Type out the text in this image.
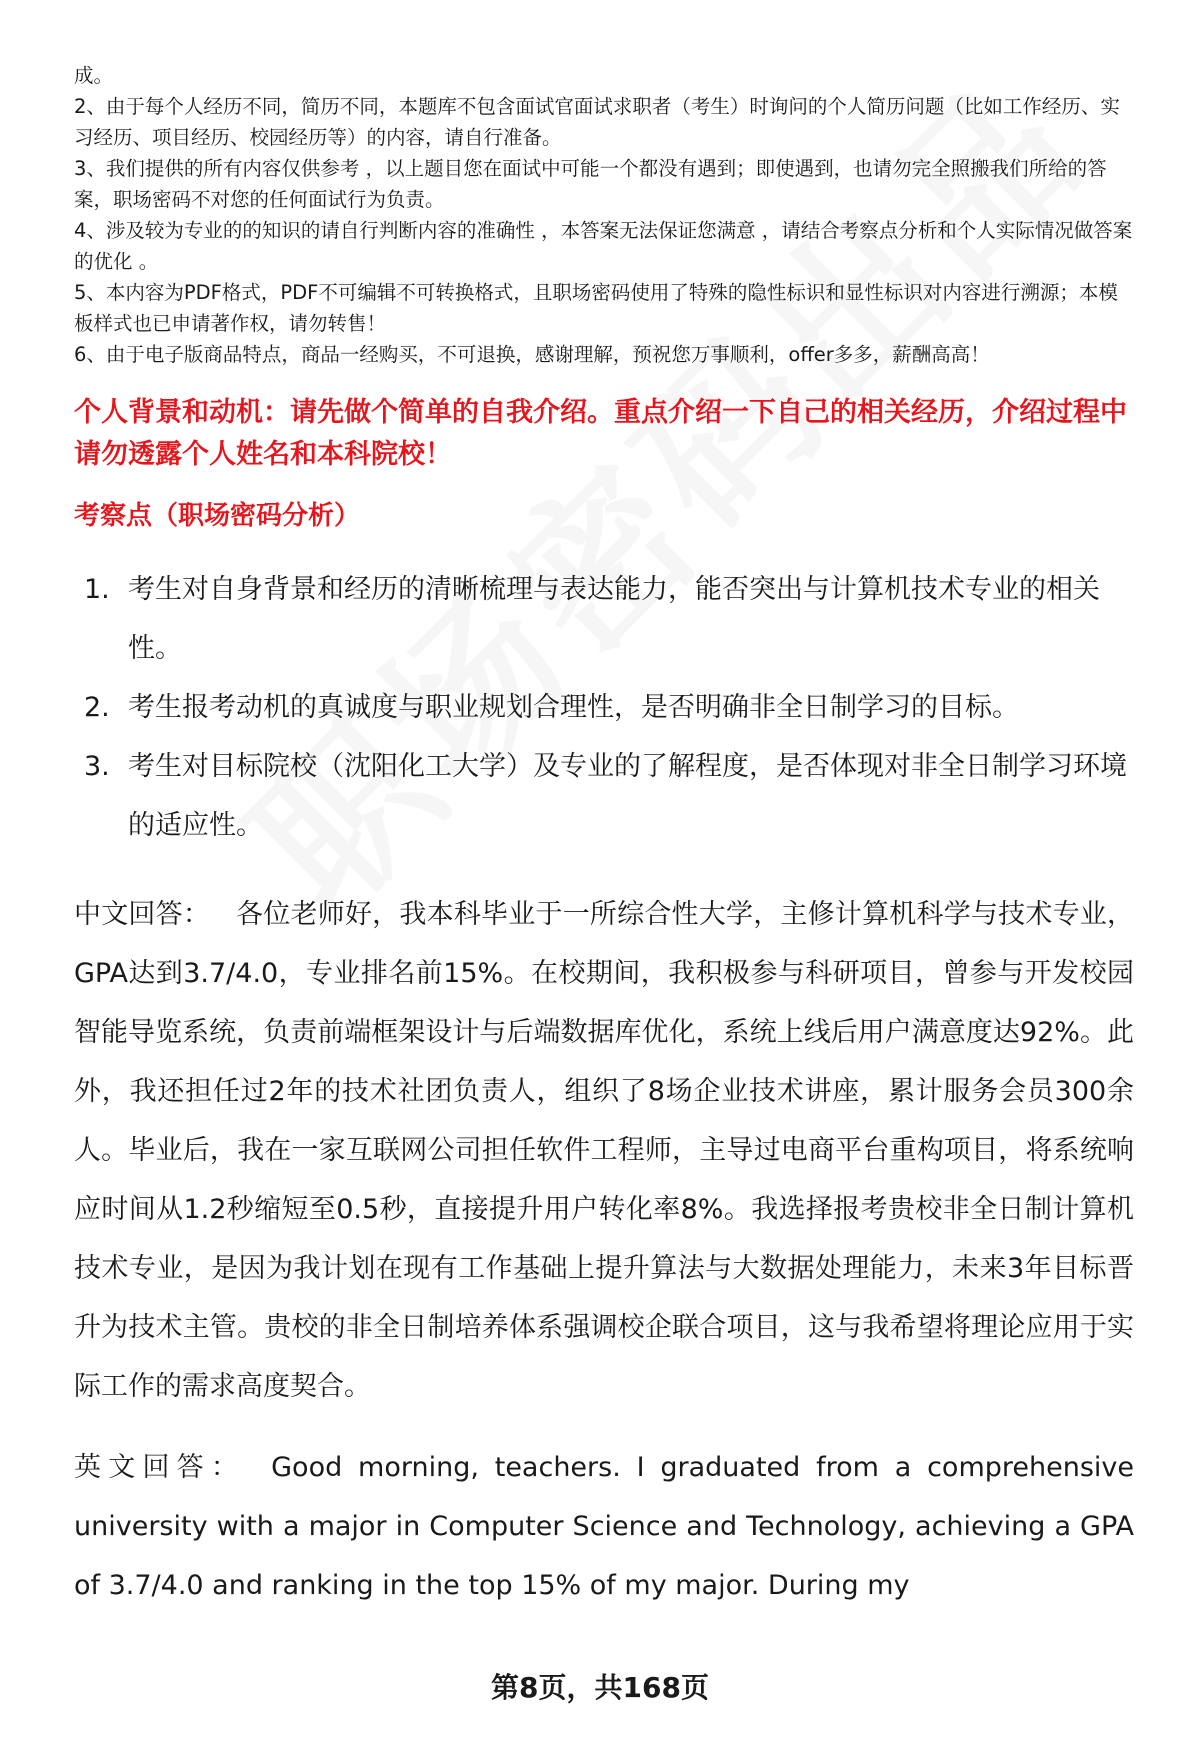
成。

2、由于每个人经历不同，简历不同，本题库不包含面试官面试求职者（考生）时询问的个人简历问题（比如工作经历、实习经历、项目经历、校园经历等）的内容，请自行准备。

3、我们提供的所有内容仅供参考 ，以上题目您在面试中可能一个都没有遇到；即使遇到，也请勿完全照搬我们所给的答案，职场密码不对您的任何面试行为负责。

4、涉及较为专业的的知识的请自行判断内容的准确性 ，本答案无法保证您满意 ，请结合考察点分析和个人实际情况做答案的优化 。

5、本内容为PDF格式，PDF不可编辑不可转换格式，且职场密码使用了特殊的隐性标识和显性标识对内容进行溯源；本模板样式也已申请著作权，请勿转售！

6、由于电子版商品特点，商品一经购买，不可退换，感谢理解，预祝您万事顺利，offer多多，薪酬高高！

个人背景和动机：请先做个简单的自我介绍。重点介绍一下自己的相关经历，介绍过程中请勿透露个人姓名和本科院校！
考察点（职场密码分析）
1. 考生对自身背景和经历的清晰梳理与表达能力，能否突出与计算机技术专业的相关性。
2. 考生报考动机的真诚度与职业规划合理性，是否明确非全日制学习的目标。
3. 考生对目标院校（沈阳化工大学）及专业的了解程度，是否体现对非全日制学习环境的适应性。
中文回答： 各位老师好，我本科毕业于一所综合性大学，主修计算机科学与技术专业，GPA达到3.7/4.0，专业排名前15%。在校期间，我积极参与科研项目，曾参与开发校园智能导览系统，负责前端框架设计与后端数据库优化，系统上线后用户满意度达92%。此外，我还担任过2年的技术社团负责人，组织了8场企业技术讲座，累计服务会员300余人。毕业后，我在一家互联网公司担任软件工程师，主导过电商平台重构项目，将系统响应时间从1.2秒缩短至0.5秒，直接提升用户转化率8%。我选择报考贵校非全日制计算机技术专业，是因为我计划在现有工作基础上提升算法与大数据处理能力，未来3年目标晋升为技术主管。贵校的非全日制培养体系强调校企联合项目，这与我希望将理论应用于实际工作的需求高度契合。
英文回答： Good morning, teachers. I graduated from a comprehensive university with a major in Computer Science and Technology, achieving a GPA of 3.7/4.0 and ranking in the top 15% of my major. During my
第8页，共168页
